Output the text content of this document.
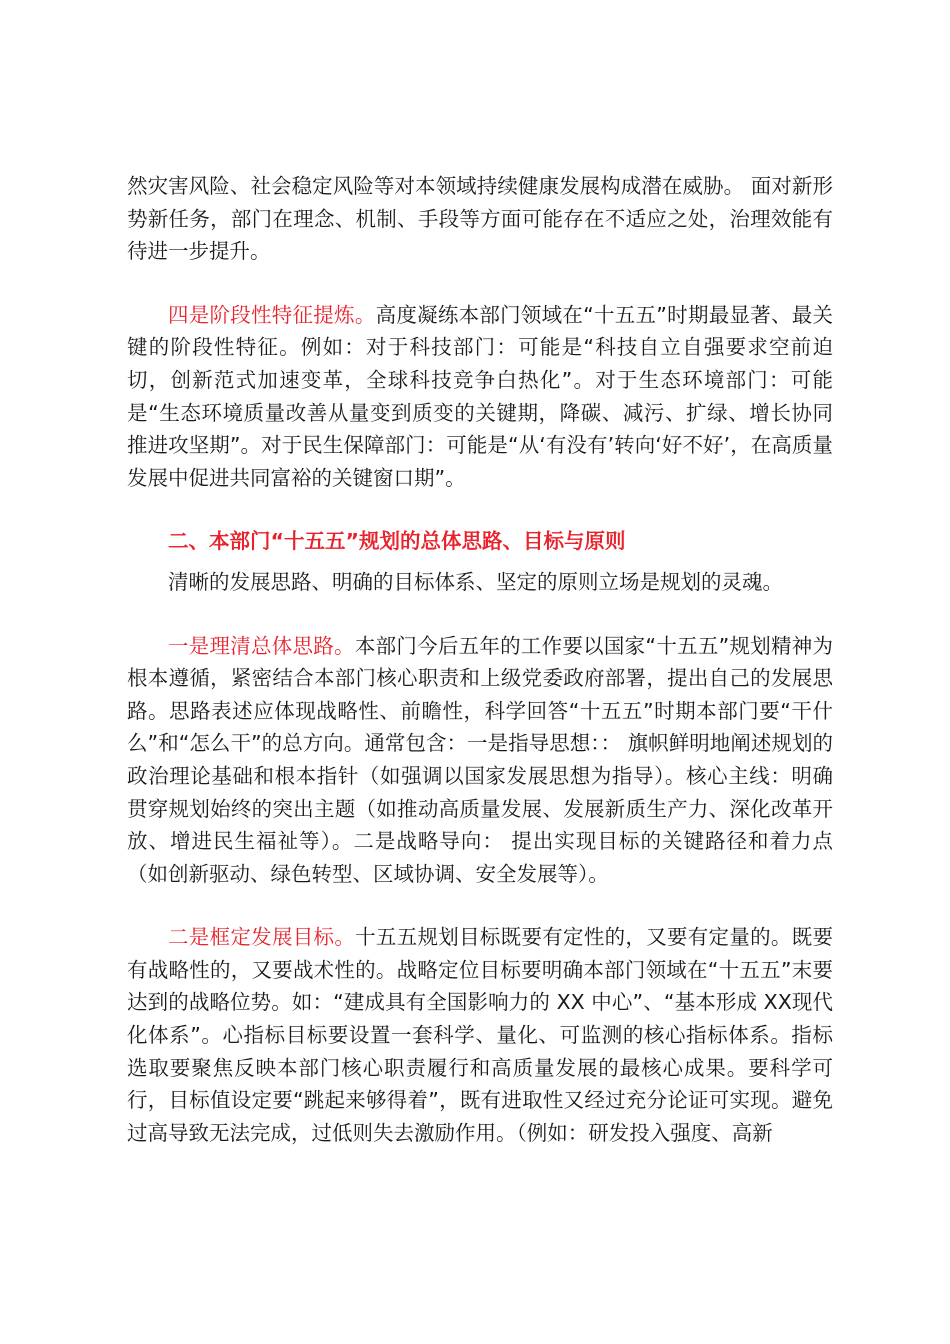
然灾害风险、社会稳定风险等对本领域持续健康发展构成潜在威胁。 面对新形势新任务，部门在理念、机制、手段等方面可能存在不适应之处，治理效能有待进一步提升。

四是阶段性特征提炼。高度凝练本部门领域在“十五五”时期最显著、最关键的阶段性特征。例如：对于科技部门：可能是“科技自立自强要求空前迫切，创新范式加速变革，全球科技竞争白热化”。对于生态环境部门：可能是“生态环境质量改善从量变到质变的关键期，降碳、减污、扩绿、增长协同推进攻坚期”。对于民生保障部门：可能是“从‘有没有’转向‘好不好’，在高质量发展中促进共同富裕的关键窗口期”。

二、本部门“十五五”规划的总体思路、目标与原则

清晰的发展思路、明确的目标体系、坚定的原则立场是规划的灵魂。

一是理清总体思路。本部门今后五年的工作要以国家“十五五”规划精神为根本遵循，紧密结合本部门核心职责和上级党委政府部署，提出自己的发展思路。思路表述应体现战略性、前瞻性，科学回答“十五五”时期本部门要“干什么”和“怎么干”的总方向。通常包含：一是指导思想：： 旗帜鲜明地阐述规划的政治理论基础和根本指针（如强调以国家发展思想为指导）。核心主线：明确贯穿规划始终的突出主题（如推动高质量发展、发展新质生产力、深化改革开放、增进民生福祉等）。二是战略导向： 提出实现目标的关键路径和着力点（如创新驱动、绿色转型、区域协调、安全发展等）。

二是框定发展目标。十五五规划目标既要有定性的，又要有定量的。既要有战略性的，又要战术性的。战略定位目标要明确本部门领域在“十五五”末要达到的战略位势。如：“建成具有全国影响力的 XX 中心”、“基本形成 XX现代化体系”。心指标目标要设置一套科学、量化、可监测的核心指标体系。指标选取要聚焦反映本部门核心职责履行和高质量发展的最核心成果。要科学可行，目标值设定要“跳起来够得着”，既有进取性又经过充分论证可实现。避免过高导致无法完成，过低则失去激励作用。（例如：研发投入强度、高新
